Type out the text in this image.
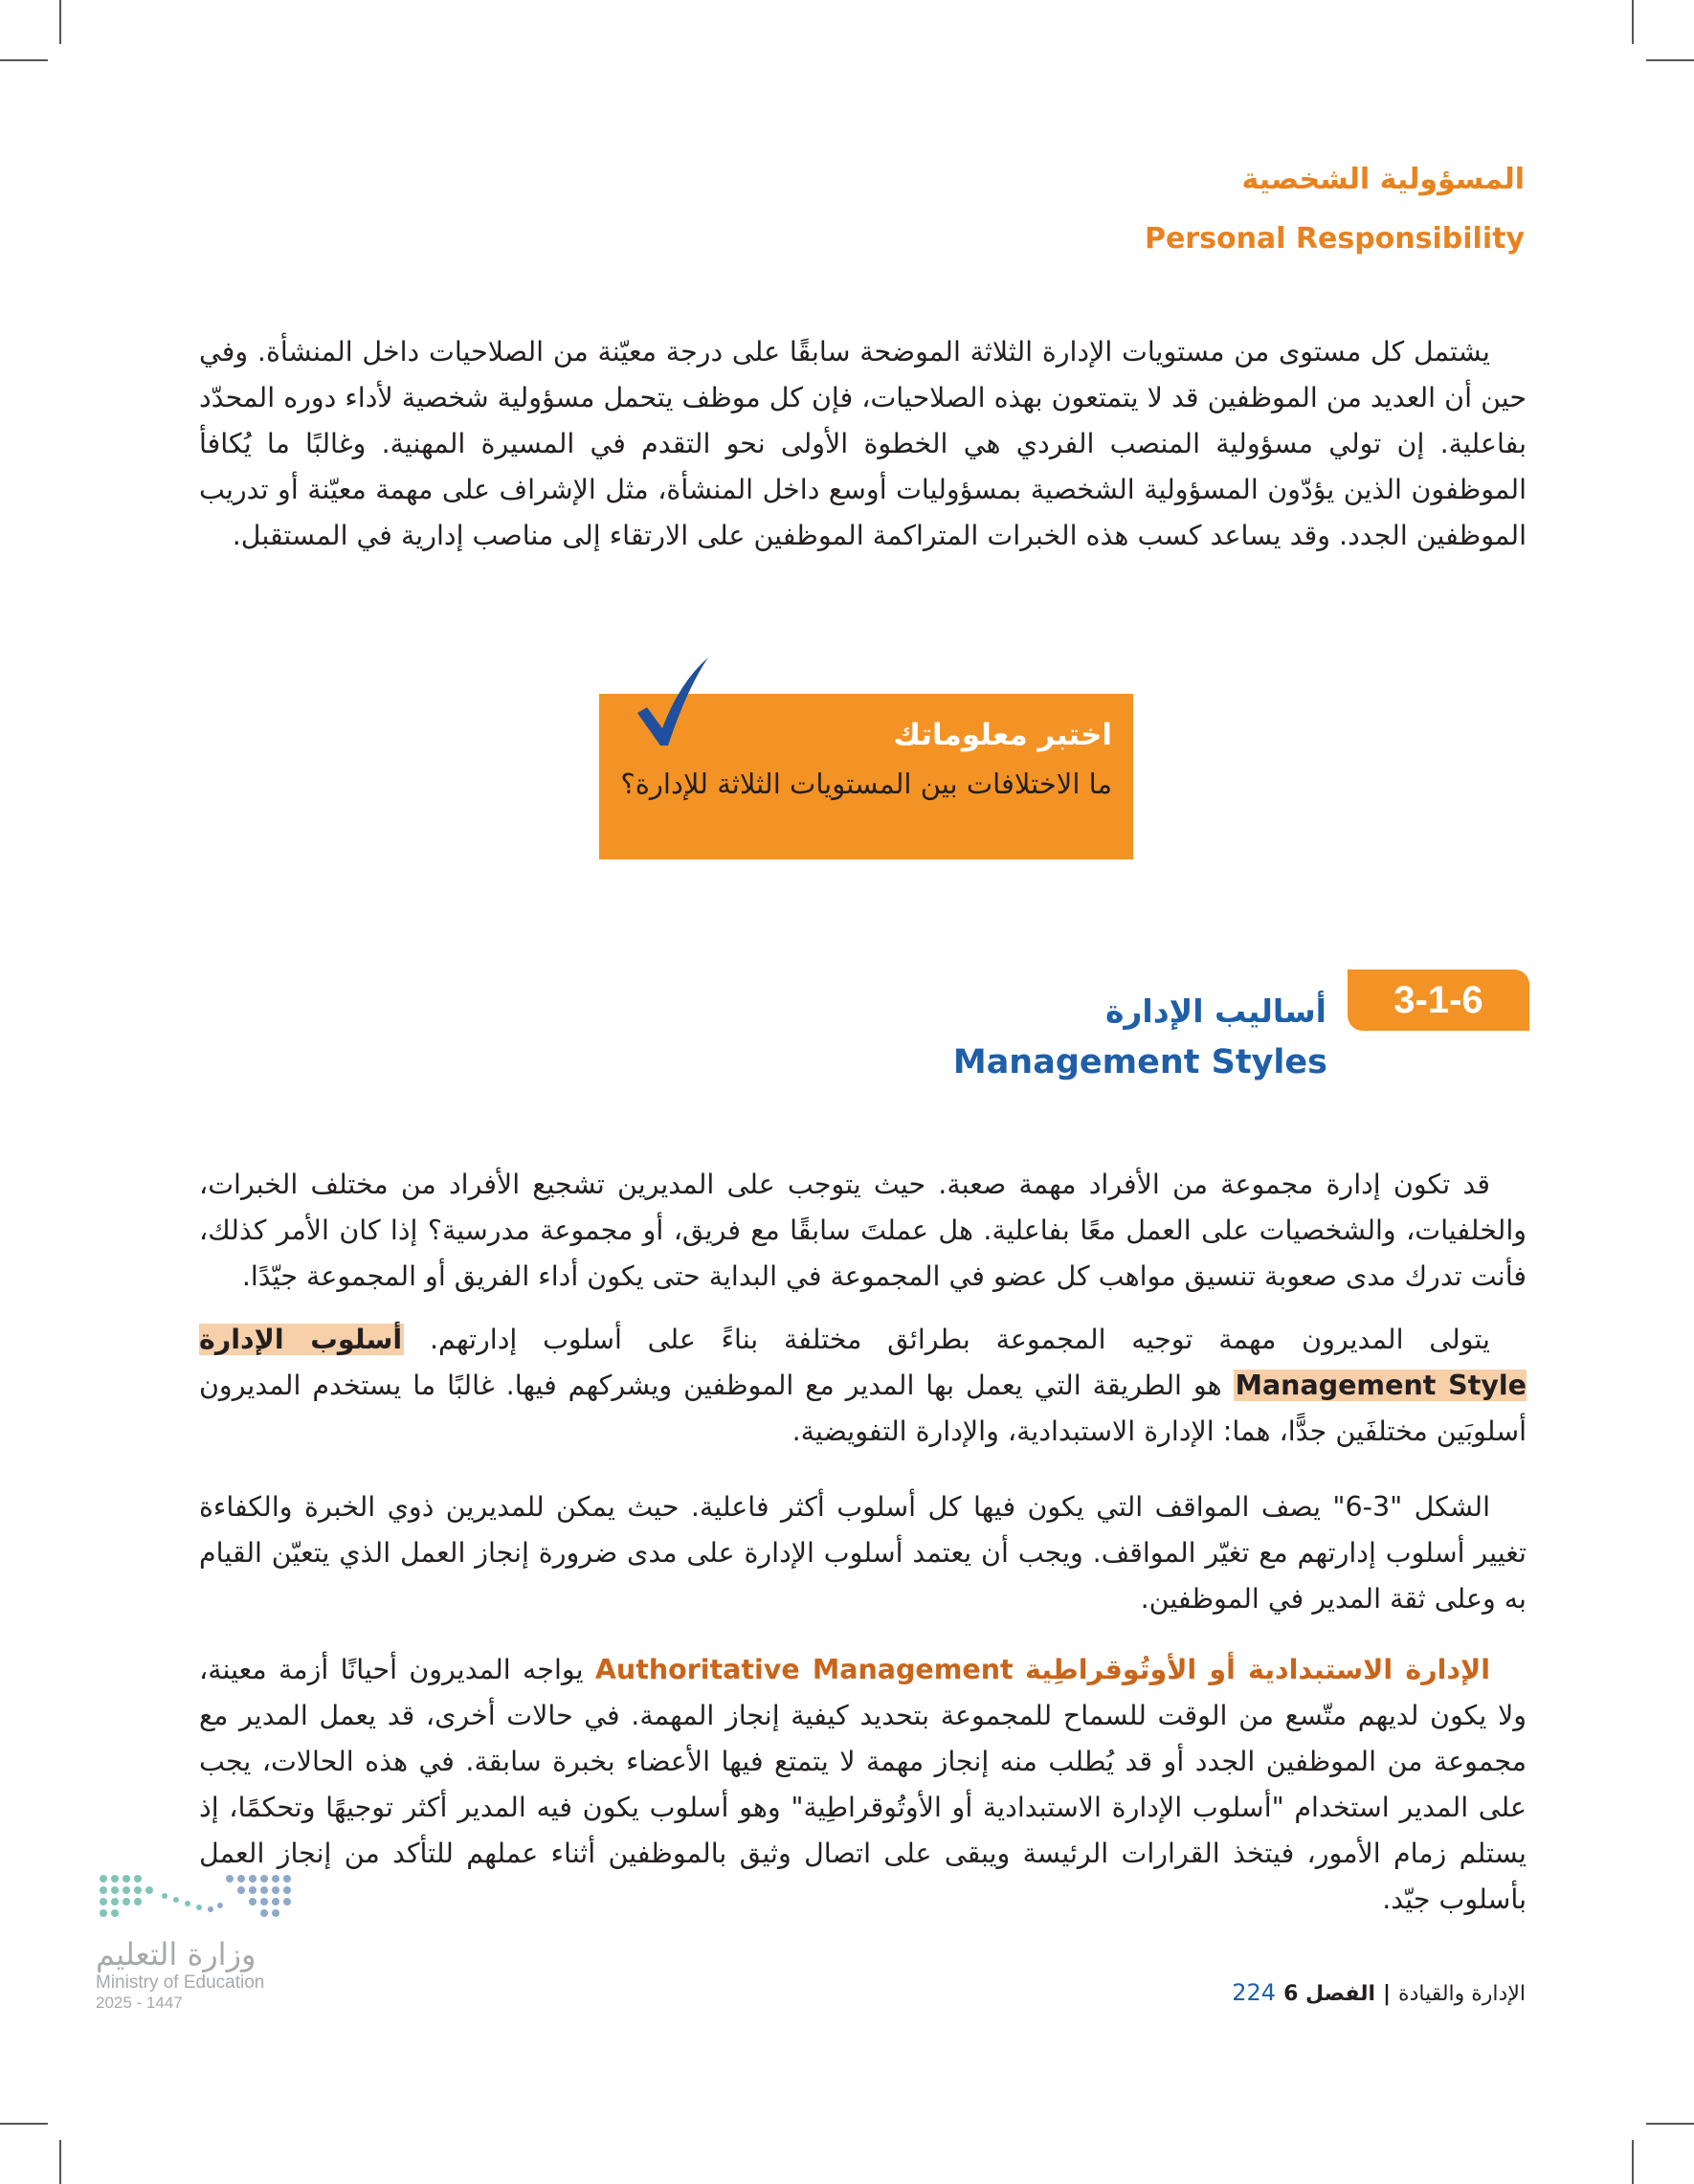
المسؤولية الشخصية
Personal Responsibility

يشتمل كل مستوى من مستويات الإدارة الثلاثة الموضحة سابقًا على درجة معيّنة من الصلاحيات داخل المنشأة. وفي حين أن العديد من الموظفين قد لا يتمتعون بهذه الصلاحيات، فإن كل موظف يتحمل مسؤولية شخصية لأداء دوره المحدّد بفاعلية. إن تولي مسؤولية المنصب الفردي هي الخطوة الأولى نحو التقدم في المسيرة المهنية. وغالبًا ما يُكافأ الموظفون الذين يؤدّون المسؤولية الشخصية بمسؤوليات أوسع داخل المنشأة، مثل الإشراف على مهمة معيّنة أو تدريب الموظفين الجدد. وقد يساعد كسب هذه الخبرات المتراكمة الموظفين على الارتقاء إلى مناصب إدارية في المستقبل.

اختبر معلوماتك
ما الاختلافات بين المستويات الثلاثة للإدارة؟
3-1-6
أساليب الإدارة
Management Styles

قد تكون إدارة مجموعة من الأفراد مهمة صعبة. حيث يتوجب على المديرين تشجيع الأفراد من مختلف الخبرات، والخلفيات، والشخصيات على العمل معًا بفاعلية. هل عملتَ سابقًا مع فريق، أو مجموعة مدرسية؟ إذا كان الأمر كذلك، فأنت تدرك مدى صعوبة تنسيق مواهب كل عضو في المجموعة في البداية حتى يكون أداء الفريق أو المجموعة جيّدًا.

يتولى المديرون مهمة توجيه المجموعة بطرائق مختلفة بناءً على أسلوب إدارتهم. أسلوب الإدارة Management Style هو الطريقة التي يعمل بها المدير مع الموظفين ويشركهم فيها. غالبًا ما يستخدم المديرون أسلوبَين مختلفَين جدًّا، هما: الإدارة الاستبدادية، والإدارة التفويضية.

الشكل "3-6" يصف المواقف التي يكون فيها كل أسلوب أكثر فاعلية. حيث يمكن للمديرين ذوي الخبرة والكفاءة تغيير أسلوب إدارتهم مع تغيّر المواقف. ويجب أن يعتمد أسلوب الإدارة على مدى ضرورة إنجاز العمل الذي يتعيّن القيام به وعلى ثقة المدير في الموظفين.

الإدارة الاستبدادية أو الأوتُوقراطِية Authoritative Management يواجه المديرون أحيانًا أزمة معينة، ولا يكون لديهم متّسع من الوقت للسماح للمجموعة بتحديد كيفية إنجاز المهمة. في حالات أخرى، قد يعمل المدير مع مجموعة من الموظفين الجدد أو قد يُطلب منه إنجاز مهمة لا يتمتع فيها الأعضاء بخبرة سابقة. في هذه الحالات، يجب على المدير استخدام "أسلوب الإدارة الاستبدادية أو الأوتُوقراطِية" وهو أسلوب يكون فيه المدير أكثر توجيهًا وتحكمًا، إذ يستلم زمام الأمور، فيتخذ القرارات الرئيسة ويبقى على اتصال وثيق بالموظفين أثناء عملهم للتأكد من إنجاز العمل بأسلوب جيّد.

الإدارة والقيادة
|
الفصل 6
224
وزارة التعليم
Ministry of Education
2025 - 1447
